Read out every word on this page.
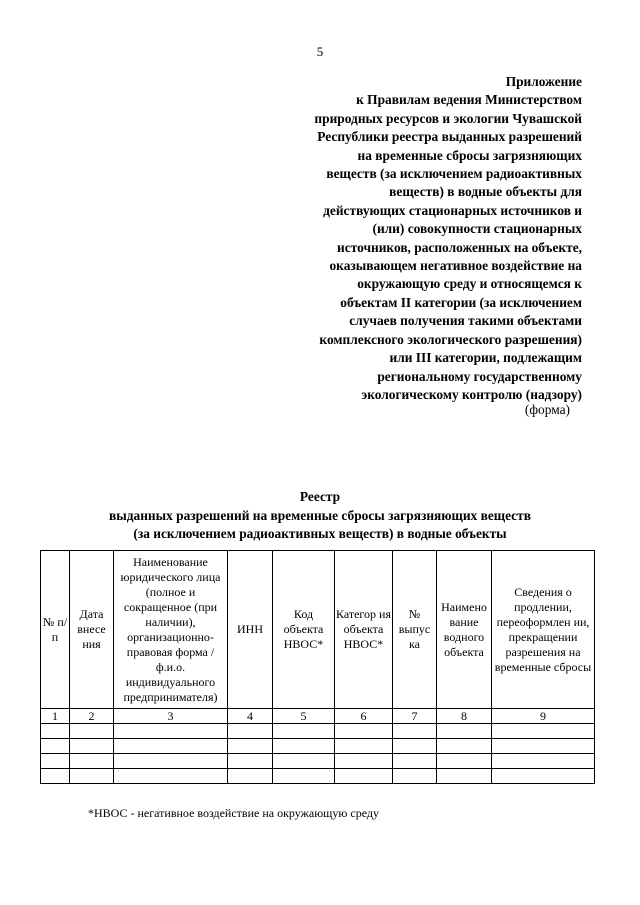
5
Приложение
к Правилам ведения Министерством
природных ресурсов и экологии Чувашской
Республики реестра выданных разрешений
на временные сбросы загрязняющих
веществ (за исключением радиоактивных
веществ) в водные объекты для
действующих стационарных источников и
(или) совокупности стационарных
источников, расположенных на объекте,
оказывающем негативное воздействие на
окружающую среду и относящемся к
объектам II категории (за исключением
случаев получения такими объектами
комплексного экологического разрешения)
или III категории, подлежащим
региональному государственному
экологическому контролю (надзору)
(форма)
Реестр
выданных разрешений на временные сбросы загрязняющих веществ
(за исключением радиоактивных веществ) в водные объекты
№ п/п	Дата внесе ния	Наименование юридического лица (полное и сокращенное (при наличии), организационно-правовая форма / ф.и.о. индивидуального предпринимателя)	ИНН	Код объекта НВОС*	Категор ия объекта НВОС*	№ выпус ка	Наимено вание водного объекта	Сведения о продлении, переоформлен ии, прекращении разрешения на временные сбросы
1	2	3	4	5	6	7	8	9

*НВОС - негативное воздействие на окружающую среду
